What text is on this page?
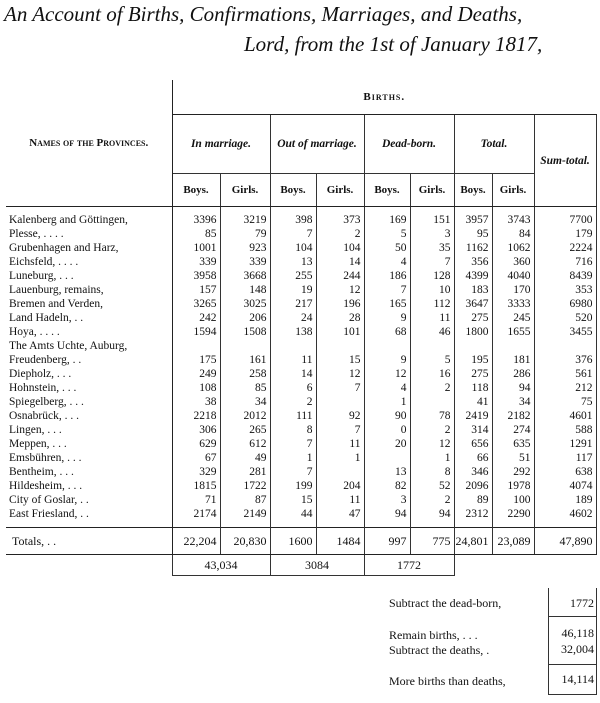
An Account of Births, Confirmations, Marriages, and Deaths,
Lord, from the 1st of January 1817,
Names of the Provinces.	Births.								
	In marriage.		Out of marriage.		Dead-born.		Total.		Sum-total.
	Boys.	Girls.	Boys.	Girls.	Boys.	Girls.	Boys.	Girls.	
Kalenberg and Göttingen,	3396	3219	398	373	169	151	3957	3743	7700
Plesse, . . . .	85	79	7	2	5	3	95	84	179
Grubenhagen and Harz,	1001	923	104	104	50	35	1162	1062	2224
Eichsfeld, . . . .	339	339	13	14	4	7	356	360	716
Luneburg, . . .	3958	3668	255	244	186	128	4399	4040	8439
Lauenburg, remains,	157	148	19	12	7	10	183	170	353
Bremen and Verden,	3265	3025	217	196	165	112	3647	3333	6980
Land Hadeln, . .	242	206	24	28	9	11	275	245	520
Hoya, . . . .	1594	1508	138	101	68	46	1800	1655	3455
The Amts Uchte, Auburg,									
Freudenberg, . .	175	161	11	15	9	5	195	181	376
Diepholz, . . .	249	258	14	12	12	16	275	286	561
Hohnstein, . . .	108	85	6	7	4	2	118	94	212
Spiegelberg, . . .	38	34	2		1		41	34	75
Osnabrück, . . .	2218	2012	111	92	90	78	2419	2182	4601
Lingen, . . .	306	265	8	7	0	2	314	274	588
Meppen, . . .	629	612	7	11	20	12	656	635	1291
Emsbühren, . . .	67	49	1	1		1	66	51	117
Bentheim, . . .	329	281	7		13	8	346	292	638
Hildesheim, . . .	1815	1722	199	204	82	52	2096	1978	4074
City of Goslar, . .	71	87	15	11	3	2	89	100	189
East Friesland, . .	2174	2149	44	47	94	94	2312	2290	4602
Totals, . .	22,204	20,830	1600	1484	997	775	24,801	23,089	47,890
	43,034		3084		1772				
Subtract the dead-born,	1772
Remain births, . . .	46,118
Subtract the deaths, .	32,004
More births than deaths,	14,114
